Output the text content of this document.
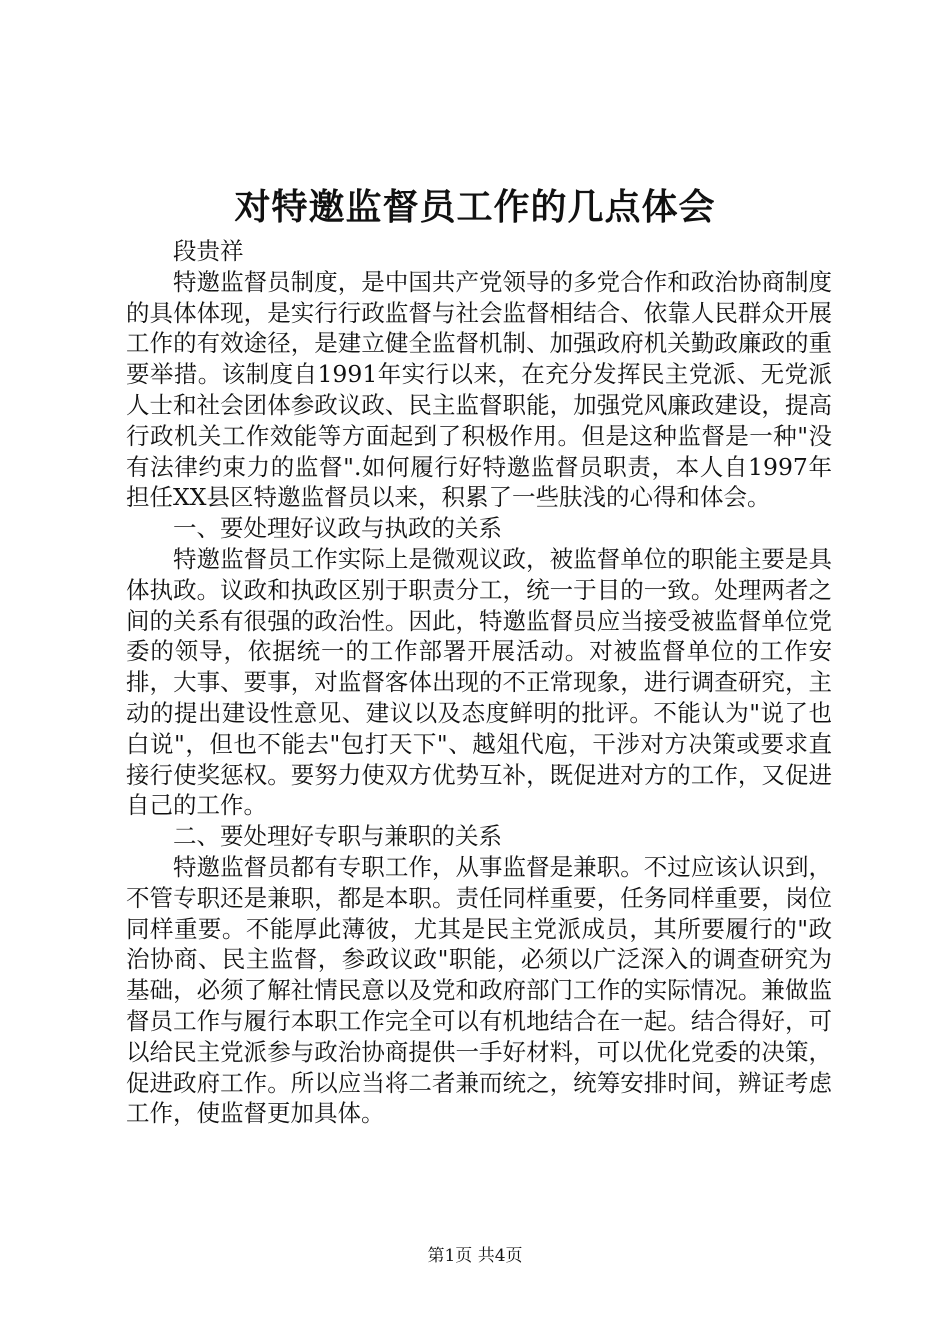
对特邀监督员工作的几点体会

段贵祥

特邀监督员制度，是中国共产党领导的多党合作和政治协商制度的具体体现，是实行行政监督与社会监督相结合、依靠人民群众开展工作的有效途径，是建立健全监督机制、加强政府机关勤政廉政的重要举措。该制度自1991年实行以来，在充分发挥民主党派、无党派人士和社会团体参政议政、民主监督职能，加强党风廉政建设，提高行政机关工作效能等方面起到了积极作用。但是这种监督是一种"没有法律约束力的监督".如何履行好特邀监督员职责，本人自1997年担任XX县区特邀监督员以来，积累了一些肤浅的心得和体会。

一、要处理好议政与执政的关系

特邀监督员工作实际上是微观议政，被监督单位的职能主要是具体执政。议政和执政区别于职责分工，统一于目的一致。处理两者之间的关系有很强的政治性。因此，特邀监督员应当接受被监督单位党委的领导，依据统一的工作部署开展活动。对被监督单位的工作安排，大事、要事，对监督客体出现的不正常现象，进行调查研究，主动的提出建设性意见、建议以及态度鲜明的批评。不能认为"说了也白说"，但也不能去"包打天下"、越俎代庖，干涉对方决策或要求直接行使奖惩权。要努力使双方优势互补，既促进对方的工作，又促进自己的工作。

二、要处理好专职与兼职的关系

特邀监督员都有专职工作，从事监督是兼职。不过应该认识到，不管专职还是兼职，都是本职。责任同样重要，任务同样重要，岗位同样重要。不能厚此薄彼，尤其是民主党派成员，其所要履行的"政治协商、民主监督，参政议政"职能，必须以广泛深入的调查研究为基础，必须了解社情民意以及党和政府部门工作的实际情况。兼做监督员工作与履行本职工作完全可以有机地结合在一起。结合得好，可以给民主党派参与政治协商提供一手好材料，可以优化党委的决策，促进政府工作。所以应当将二者兼而统之，统筹安排时间，辨证考虑工作，使监督更加具体。

第1页 共4页
